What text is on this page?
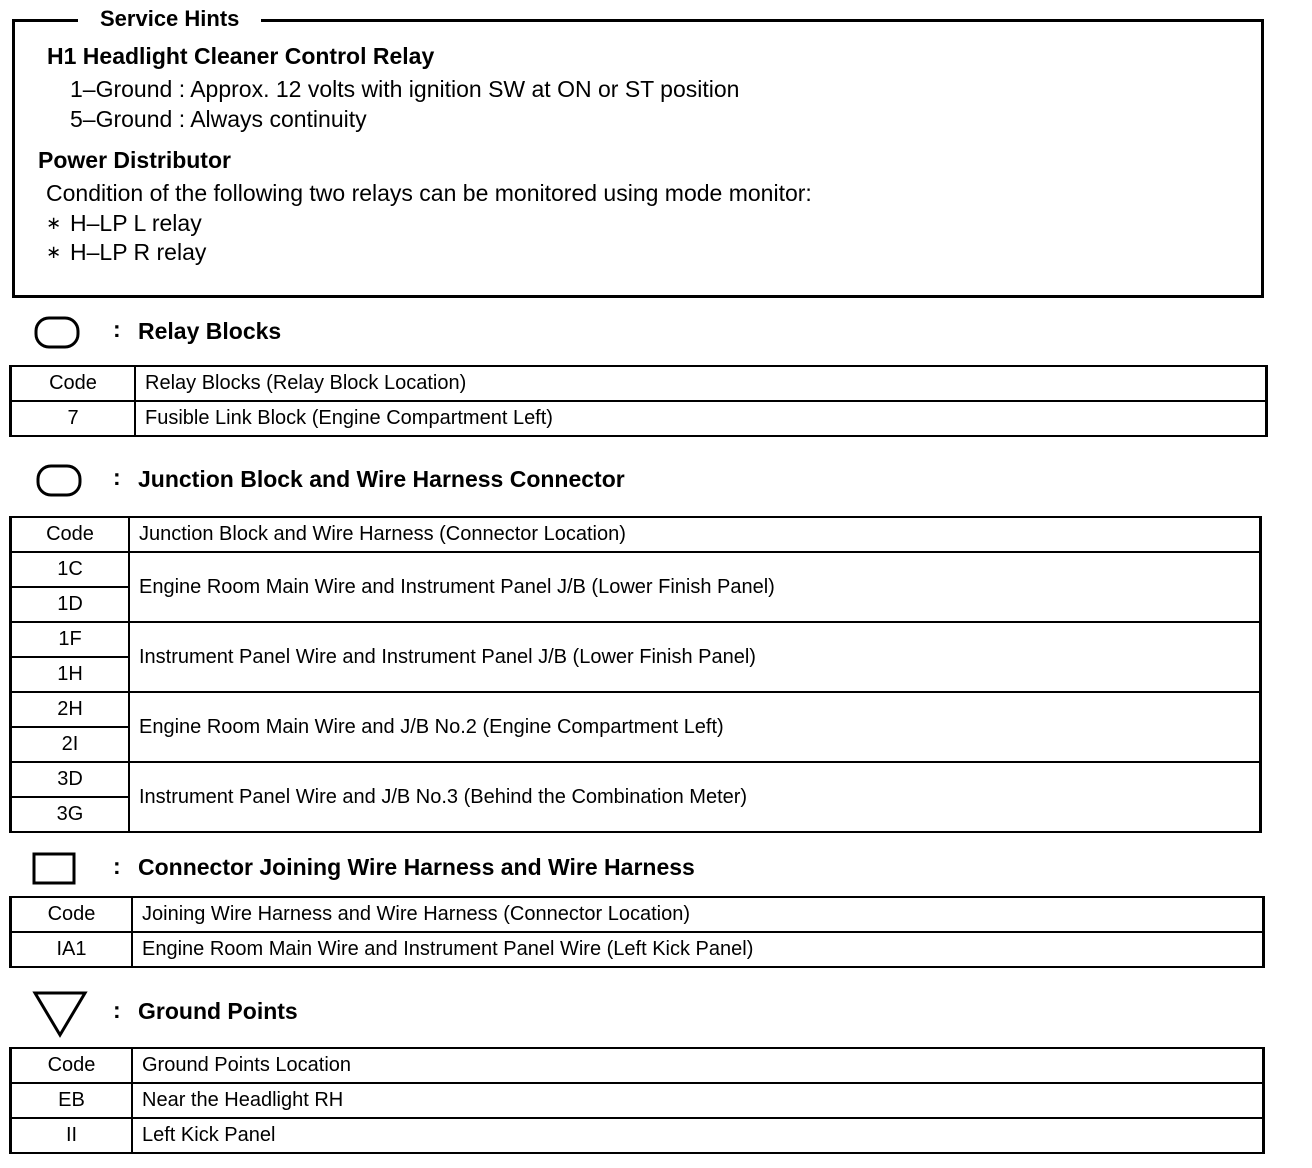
Service Hints
H1 Headlight Cleaner Control Relay
1–Ground : Approx. 12 volts with ignition SW at ON or ST position
5–Ground : Always continuity
Power Distributor
Condition of the following two relays can be monitored using mode monitor:
∗ H–LP L relay
∗ H–LP R relay
: Relay Blocks
Code	Relay Blocks (Relay Block Location)
7	Fusible Link Block (Engine Compartment Left)
: Junction Block and Wire Harness Connector
Code	Junction Block and Wire Harness (Connector Location)
1C	Engine Room Main Wire and Instrument Panel J/B (Lower Finish Panel)
1D	
1F	Instrument Panel Wire and Instrument Panel J/B (Lower Finish Panel)
1H	
2H	Engine Room Main Wire and J/B No.2 (Engine Compartment Left)
2I	
3D	Instrument Panel Wire and J/B No.3 (Behind the Combination Meter)
3G	
: Connector Joining Wire Harness and Wire Harness
Code	Joining Wire Harness and Wire Harness (Connector Location)
IA1	Engine Room Main Wire and Instrument Panel Wire (Left Kick Panel)
: Ground Points
Code	Ground Points Location
EB	Near the Headlight RH
II	Left Kick Panel
